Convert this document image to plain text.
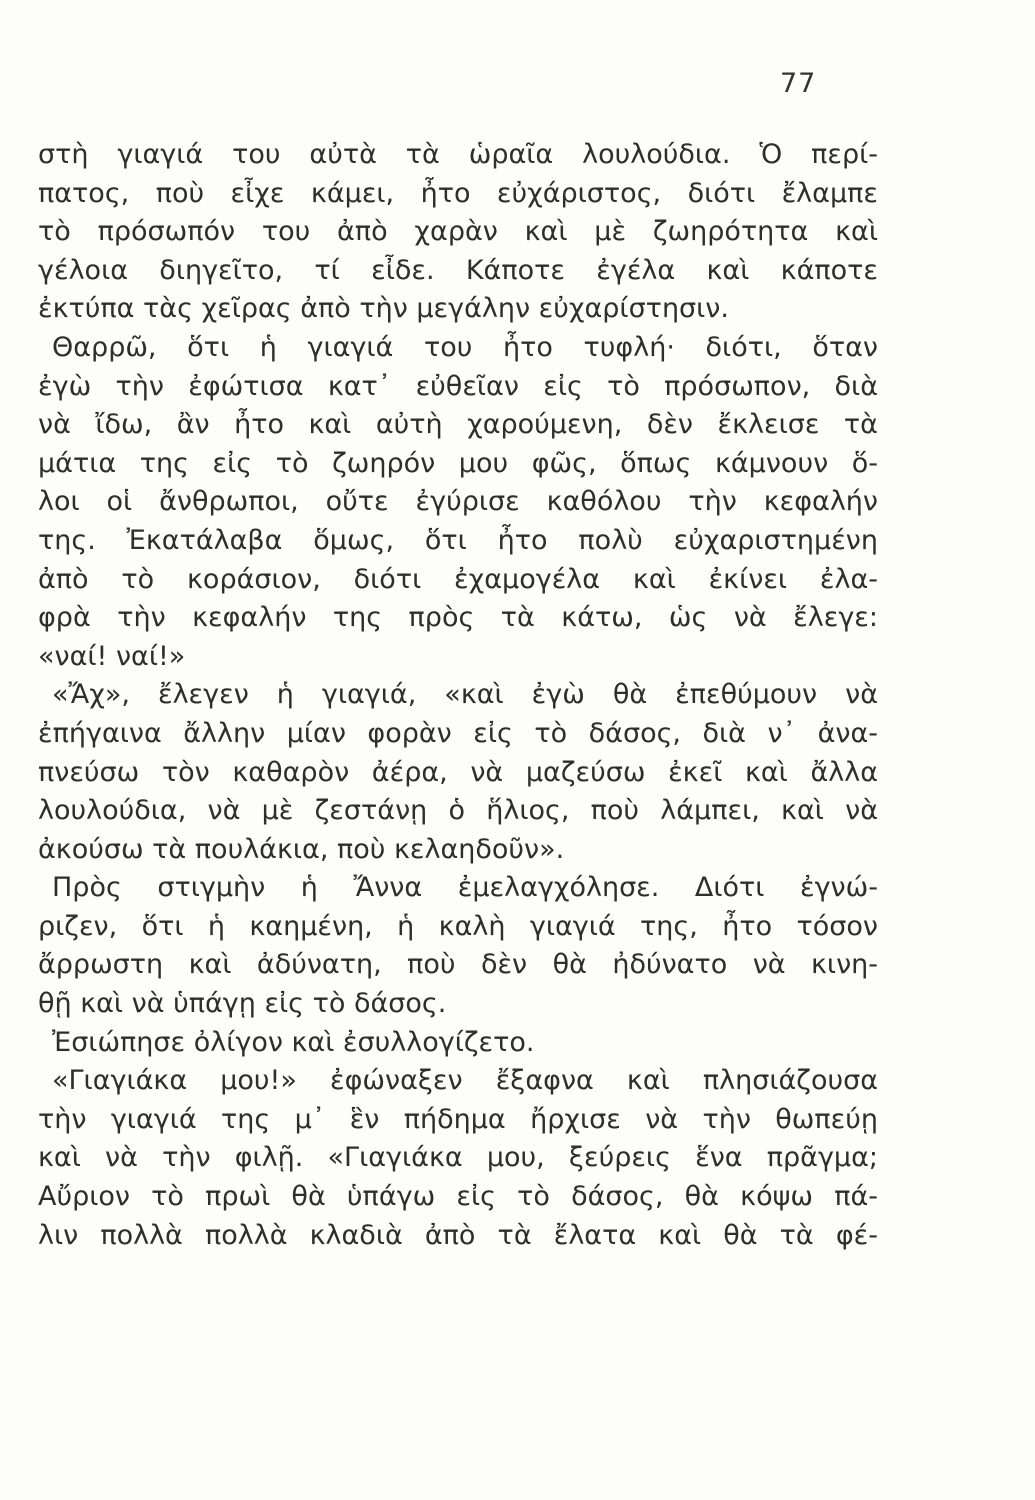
77
στὴ γιαγιά του αὐτὰ τὰ ὡραῖα λουλούδια. Ὁ περί-
πατος, ποὺ εἶχε κάμει, ἦτο εὐχάριστος, διότι ἔλαμπε
τὸ πρόσωπόν του ἀπὸ χαρὰν καὶ μὲ ζωηρότητα καὶ
γέλοια διηγεῖτο, τί εἶδε. Κάποτε ἐγέλα καὶ κάποτε
ἐκτύπα τὰς χεῖρας ἀπὸ τὴν μεγάλην εὐχαρίστησιν.
Θαρρῶ, ὅτι ἡ γιαγιά του ἦτο τυφλή· διότι, ὅταν
ἐγὼ τὴν ἐφώτισα κατ᾽ εὐθεῖαν εἰς τὸ πρόσωπον, διὰ
νὰ ἴδω, ἂν ἦτο καὶ αὐτὴ χαρούμενη, δὲν ἔκλεισε τὰ
μάτια της εἰς τὸ ζωηρόν μου φῶς, ὅπως κάμνουν ὅ-
λοι οἱ ἄνθρωποι, οὔτε ἐγύρισε καθόλου τὴν κεφαλήν
της. Ἐκατάλαβα ὅμως, ὅτι ἦτο πολὺ εὐχαριστημένη
ἀπὸ τὸ κοράσιον, διότι ἐχαμογέλα καὶ ἐκίνει ἐλα-
φρὰ τὴν κεφαλήν της πρὸς τὰ κάτω, ὡς νὰ ἔλεγε:
«ναί! ναί!»
«Ἄχ», ἔλεγεν ἡ γιαγιά, «καὶ ἐγὼ θὰ ἐπεθύμουν νὰ
ἐπήγαινα ἄλλην μίαν φορὰν εἰς τὸ δάσος, διὰ ν᾽ ἀνα-
πνεύσω τὸν καθαρὸν ἀέρα, νὰ μαζεύσω ἐκεῖ καὶ ἄλλα
λουλούδια, νὰ μὲ ζεστάνῃ ὁ ἥλιος, ποὺ λάμπει, καὶ νὰ
ἀκούσω τὰ πουλάκια, ποὺ κελαηδοῦν».
Πρὸς στιγμὴν ἡ Ἄννα ἐμελαγχόλησε. Διότι ἐγνώ-
ριζεν, ὅτι ἡ καημένη, ἡ καλὴ γιαγιά της, ἦτο τόσον
ἄρρωστη καὶ ἀδύνατη, ποὺ δὲν θὰ ἠδύνατο νὰ κινη-
θῇ καὶ νὰ ὑπάγῃ εἰς τὸ δάσος.
Ἐσιώπησε ὀλίγον καὶ ἐσυλλογίζετο.
«Γιαγιάκα μου!» ἐφώναξεν ἔξαφνα καὶ πλησιάζουσα
τὴν γιαγιά της μ᾽ ἓν πήδημα ἤρχισε νὰ τὴν θωπεύῃ
καὶ νὰ τὴν φιλῇ. «Γιαγιάκα μου, ξεύρεις ἕνα πρᾶγμα;
Αὔριον τὸ πρωὶ θὰ ὑπάγω εἰς τὸ δάσος, θὰ κόψω πά-
λιν πολλὰ πολλὰ κλαδιὰ ἀπὸ τὰ ἔλατα καὶ θὰ τὰ φέ-
